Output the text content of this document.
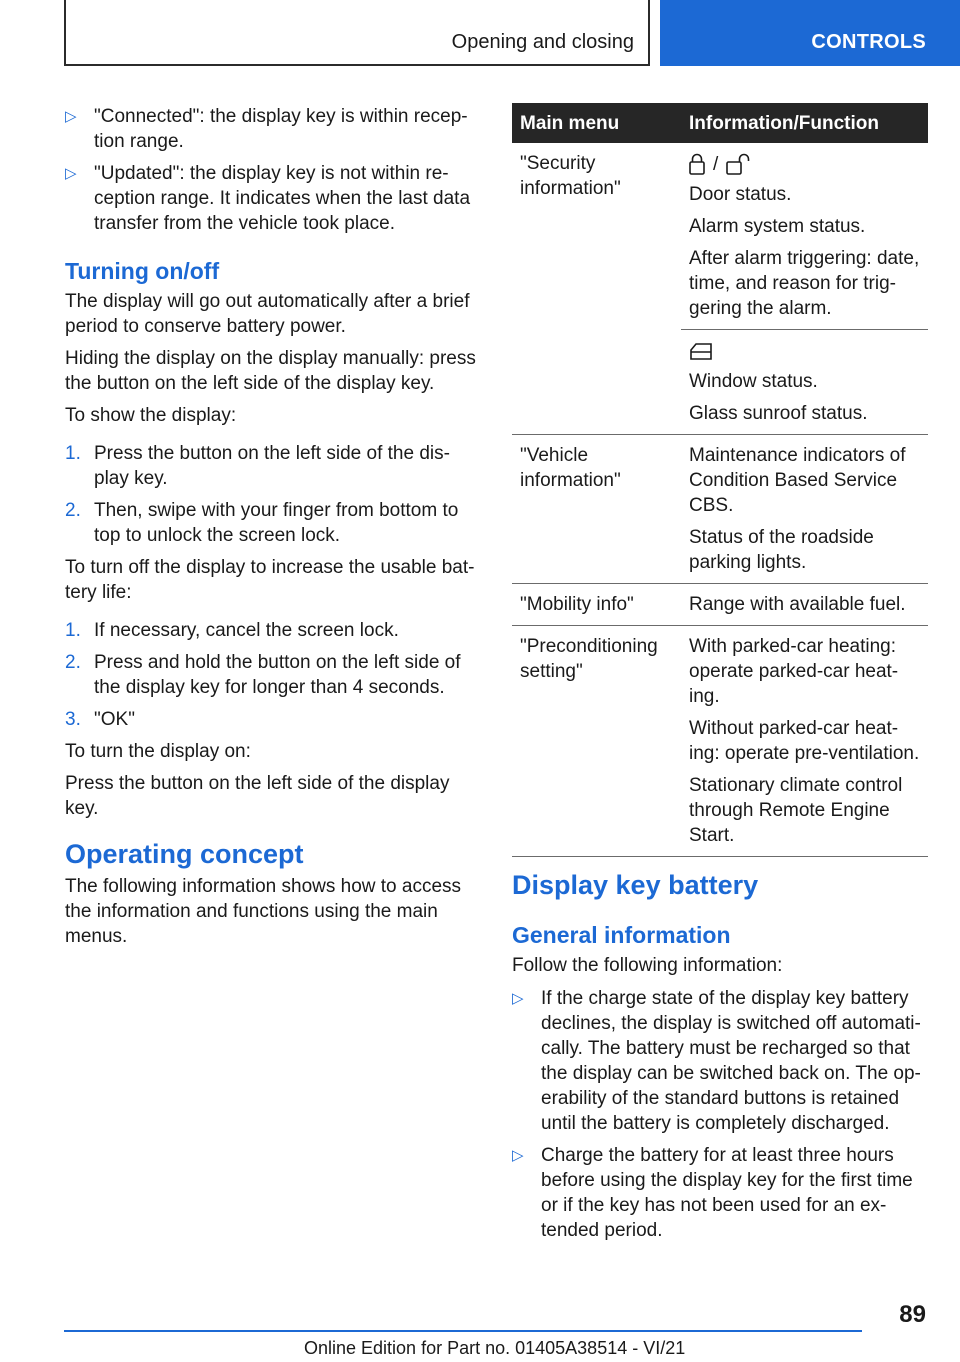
Opening and closing	CONTROLS
▷ "Connected": the display key is within recep-tion range.
▷ "Updated": the display key is not within re-ception range. It indicates when the last data transfer from the vehicle took place.
Turning on/off

The display will go out automatically after a brief period to conserve battery power.

Hiding the display on the display manually: press the button on the left side of the display key.

To show the display:

1. Press the button on the left side of the dis-play key.
2. Then, swipe with your finger from bottom to top to unlock the screen lock.

To turn off the display to increase the usable bat-tery life:

1. If necessary, cancel the screen lock.
2. Press and hold the button on the left side of the display key for longer than 4 seconds.
3. "OK"

To turn the display on:

Press the button on the left side of the display key.

Operating concept

The following information shows how to access the information and functions using the main menus.

Main menu	Information/Function
"Security information"	/

Door status.

Alarm system status.

After alarm triggering: date, time, and reason for trig-gering the alarm.

	Window status.

Glass sunroof status.

"Vehicle information"	Maintenance indicators of Condition Based Service CBS.

Status of the roadside parking lights.

"Mobility info"	Range with available fuel.

"Preconditioning setting"	With parked-car heating: operate parked-car heat-ing.

Without parked-car heat-ing: operate pre-ventilation.

Stationary climate control through Remote Engine Start.

Display key battery
General information

Follow the following information:

▷ If the charge state of the display key battery declines, the display is switched off automati-cally. The battery must be recharged so that the display can be switched back on. The op-erability of the standard buttons is retained until the battery is completely discharged.
▷ Charge the battery for at least three hours before using the display key for the first time or if the key has not been used for an ex-tended period.
89
Online Edition for Part no. 01405A38514 - VI/21
